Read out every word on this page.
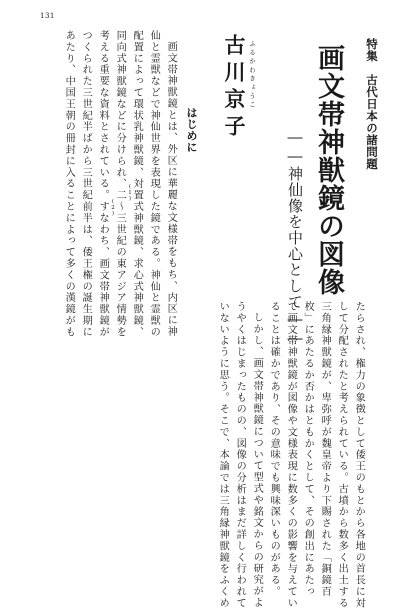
131
特集　古代日本の諸問題
画文帯神獣鏡の図像
――神仙像を中心として――
ふるかわきょうこ
古川京子
はじめに
画文帯神獣鏡とは、外区に華麗な文様帯をもち、内区に神
仙と霊獣などで神仙世界を表現した鏡である。神仙と霊獣の
配置によって環状乳神獣鏡、対置式神獣鏡、求心式神獣鏡、
同向式神獣鏡などに分けられ、二～三世紀の東アジア情勢を
考える重要な資料とされている。すなわち、画文帯神獣鏡が
つくられた三世紀半ばから三世紀前半は、倭王権の誕生期に
あたり、中国王朝の冊封に入ることによって多くの漢鏡がも	(1)
(2)
たらされ、権力の象徴として倭王のもとから各地の首長に対
して分配されたと考えられている。古墳から数多く出土する
三角縁神獣鏡が、卑弥呼が魏皇帝より下賜された「銅鏡百
枚」にあたるか否かはともかくとして、その創出にあたっ
て画文帯神獣鏡が図像や文様表現に数多くの影響を与えてい
ることは確かであり、その意味でも興味深いものがある。
しかし、画文帯神獣鏡について型式や銘文からの研究がよ
うやくはじまったものの、図像の分析はまだ詳しく行われて
いないように思う。そこで、本論では三角縁神獣鏡をふくめ
